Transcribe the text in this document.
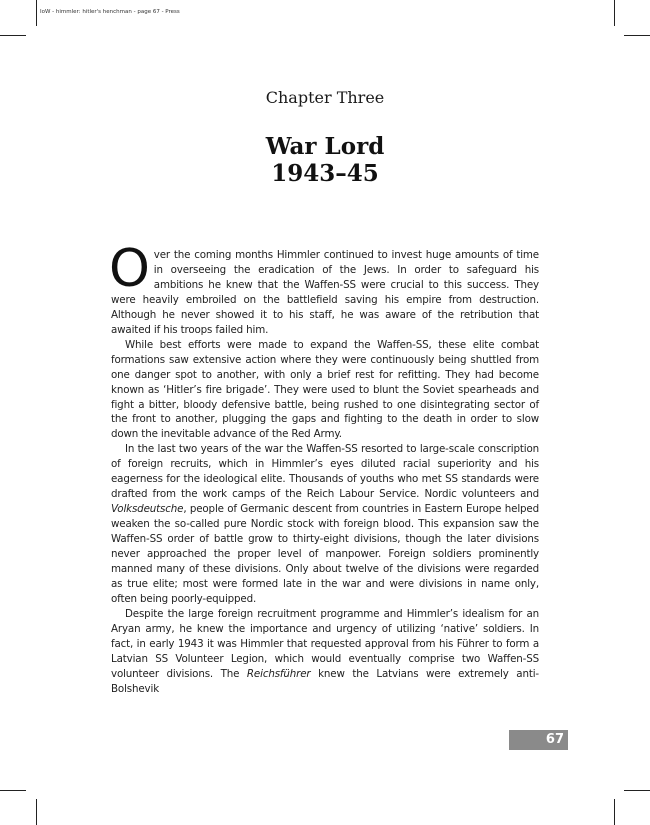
IoW - himmler: hitler's henchman - page 67 - Press
Chapter Three
War Lord
1943–45

Over the coming months Himmler continued to invest huge amounts of time in overseeing the eradication of the Jews. In order to safeguard his ambitions he knew that the Waffen-SS were crucial to this success. They were heavily embroiled on the battlefield saving his empire from destruction. Although he never showed it to his staff, he was aware of the retribution that awaited if his troops failed him.

While best efforts were made to expand the Waffen-SS, these elite combat formations saw extensive action where they were continuously being shuttled from one danger spot to another, with only a brief rest for refitting. They had become known as ‘Hitler’s fire brigade’. They were used to blunt the Soviet spearheads and fight a bitter, bloody defensive battle, being rushed to one disintegrating sector of the front to another, plugging the gaps and fighting to the death in order to slow down the inevitable advance of the Red Army.

In the last two years of the war the Waffen-SS resorted to large-scale conscription of foreign recruits, which in Himmler’s eyes diluted racial superiority and his eagerness for the ideological elite. Thousands of youths who met SS standards were drafted from the work camps of the Reich Labour Service. Nordic volunteers and Volksdeutsche, people of Germanic descent from countries in Eastern Europe helped weaken the so-called pure Nordic stock with foreign blood. This expansion saw the Waffen-SS order of battle grow to thirty-eight divisions, though the later divisions never approached the proper level of manpower. Foreign soldiers prominently manned many of these divisions. Only about twelve of the divisions were regarded as true elite; most were formed late in the war and were divisions in name only, often being poorly-equipped.

Despite the large foreign recruitment programme and Himmler’s idealism for an Aryan army, he knew the importance and urgency of utilizing ‘native’ soldiers. In fact, in early 1943 it was Himmler that requested approval from his Führer to form a Latvian SS Volunteer Legion, which would eventually comprise two Waffen-SS volunteer divisions. The Reichsführer knew the Latvians were extremely anti-Bolshevik

67
